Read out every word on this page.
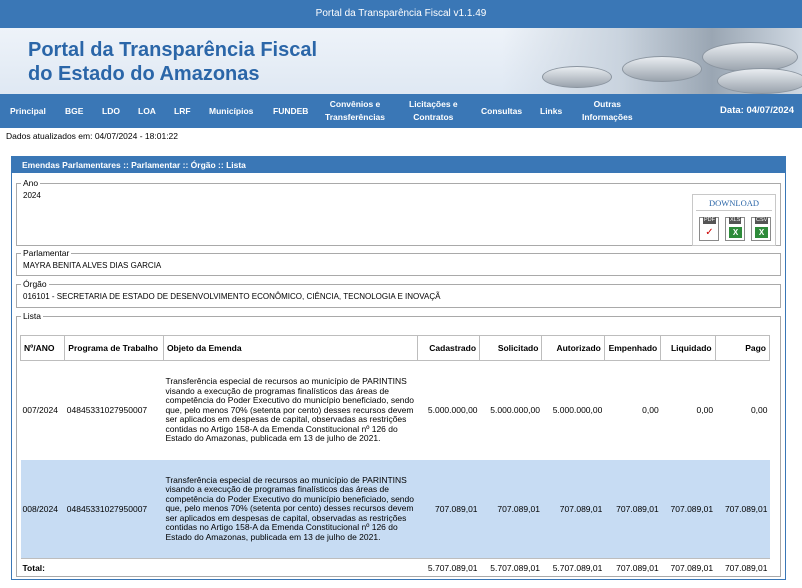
Portal da Transparência Fiscal v1.1.49
Portal da Transparência Fiscal
do Estado do Amazonas
Principal BGE LDO LOA LRF Municípios FUNDEB
Convênios e
Transferências
Licitações e
Contratos
Consultas Links
Outras
Informações
Data: 04/07/2024
Dados atualizados em: 04/07/2024 - 18:01:22
Emendas Parlamentares :: Parlamentar :: Órgão :: Lista
Ano
2024
DOWNLOAD
PDF
✓
XLS
X
CSV
X
Parlamentar
MAYRA BENITA ALVES DIAS GARCIA
Órgão
016101 - SECRETARIA DE ESTADO DE DESENVOLVIMENTO ECONÔMICO, CIÊNCIA, TECNOLOGIA E INOVAÇÃ
Lista
Nº/ANO	Programa de Trabalho	Objeto da Emenda	Cadastrado	Solicitado	Autorizado	Empenhado	Liquidado	Pago
007/2024	04845331027950007	Transferência especial de recursos ao município de PARINTINS visando a execução de programas finalísticos das áreas de competência do Poder Executivo do município beneficiado, sendo que, pelo menos 70% (setenta por cento) desses recursos devem ser aplicados em despesas de capital, observadas as restrições contidas no Artigo 158-A da Emenda Constitucional nº 126 do Estado do Amazonas, publicada em 13 de julho de 2021.	5.000.000,00	5.000.000,00	5.000.000,00	0,00	0,00	0,00
008/2024	04845331027950007	Transferência especial de recursos ao município de PARINTINS visando a execução de programas finalísticos das áreas de competência do Poder Executivo do município beneficiado, sendo que, pelo menos 70% (setenta por cento) desses recursos devem ser aplicados em despesas de capital, observadas as restrições contidas no Artigo 158-A da Emenda Constitucional nº 126 do Estado do Amazonas, publicada em 13 de julho de 2021.	707.089,01	707.089,01	707.089,01	707.089,01	707.089,01	707.089,01
Total:			5.707.089,01	5.707.089,01	5.707.089,01	707.089,01	707.089,01	707.089,01
